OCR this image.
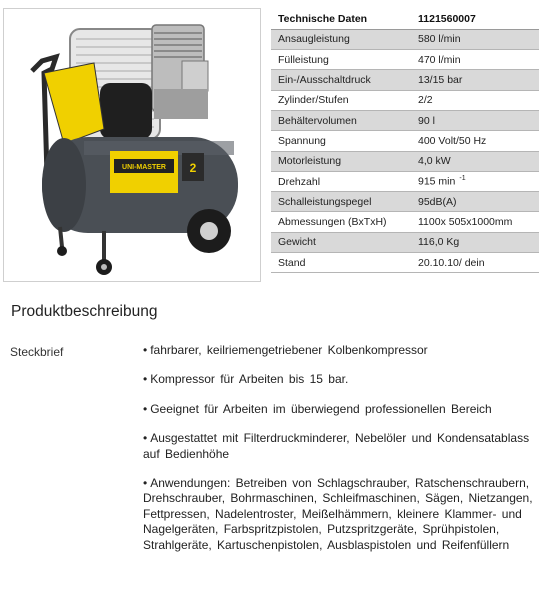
UNI-MASTER 2
Technische Daten	1121560007
Ansaugleistung	580 l/min
Fülleistung	470 l/min
Ein-/Ausschaltdruck	13/15 bar
Zylinder/Stufen	2/2
Behältervolumen	90 l
Spannung	400 Volt/50 Hz
Motorleistung	4,0 kW
Drehzahl	915 min $^{-1}$
Schalleistungspegel	95dB(A)
Abmessungen (BxTxH)	1100x 505x1000mm
Gewicht	116,0 Kg
Stand	20.10.10/ dein
Produktbeschreibung
Steckbrief	• fahrbarer, keilriemengetriebener Kolbenkompressor
• Kompressor für Arbeiten bis 15 bar.
• Geeignet für Arbeiten im überwiegend professionellen Bereich
• Ausgestattet mit Filterdruckminderer, Nebelöler und Kondensatablass auf Bedienhöhe
• Anwendungen: Betreiben von Schlagschrauber, Ratschenschraubern, Drehschrauber, Bohrmaschinen, Schleifmaschinen, Sägen, Nietzangen, Fettpressen, Nadelentroster, Meißelhämmern, kleinere Klammer- und Nagelgeräten, Farbspritzpistolen, Putzspritzgeräte, Sprühpistolen, Strahlgeräte, Kartuschenpistolen, Ausblaspistolen und Reifenfüllern
